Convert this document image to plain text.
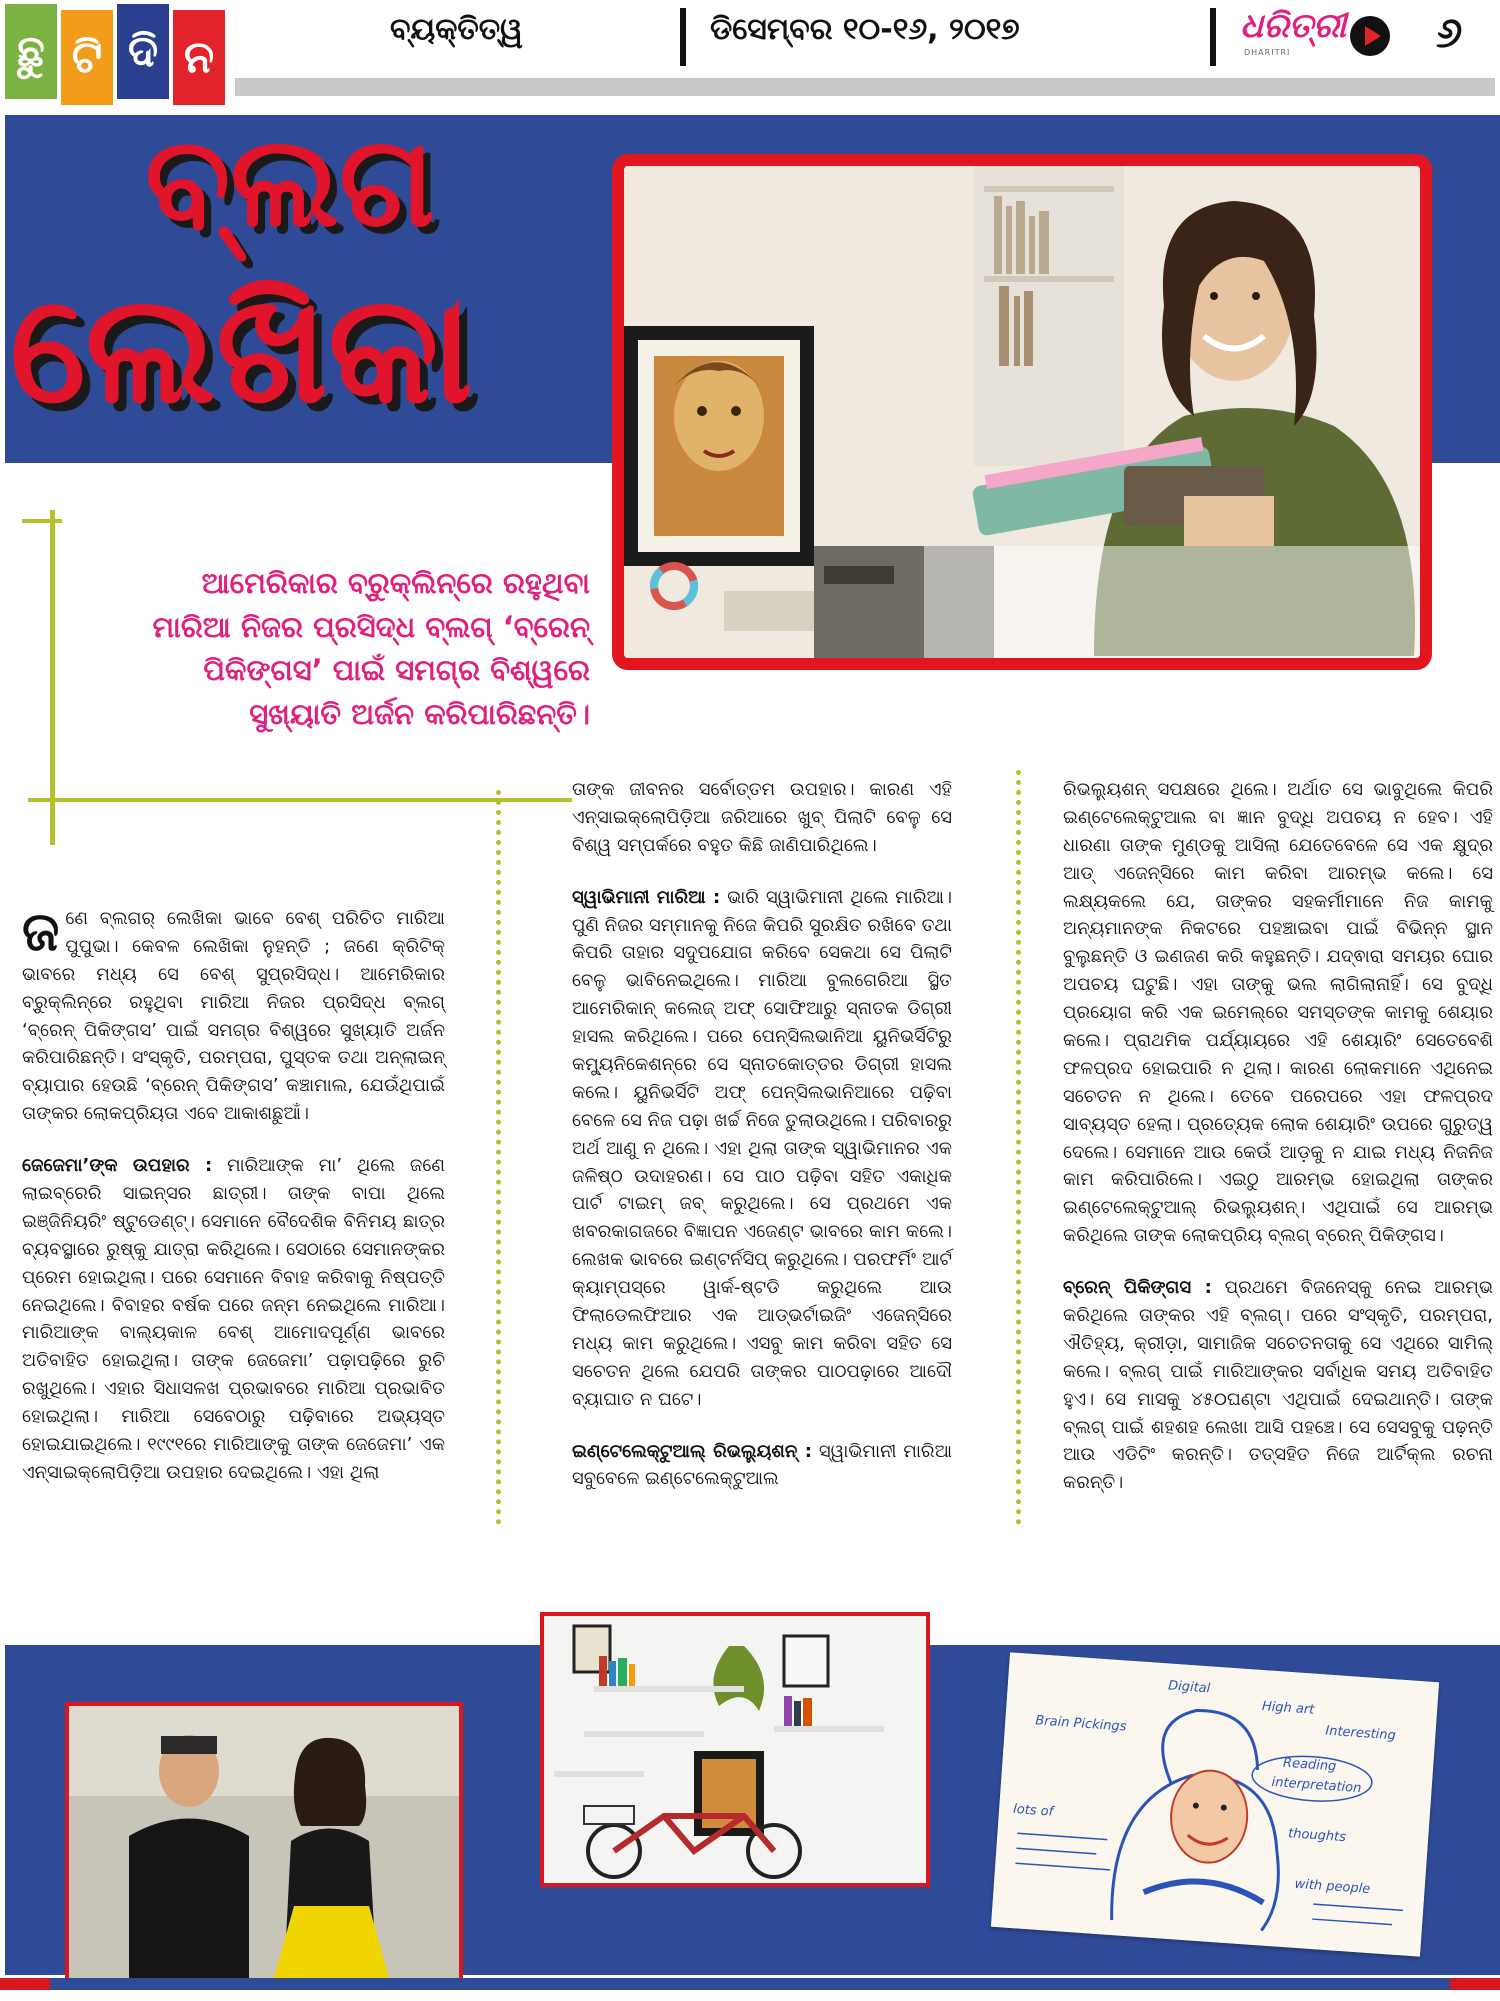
ଛୁ ଟି ଦି ନ
ବ୍ୟକ୍ତିତ୍ୱ	ଡିସେମ୍ବର ୧୦-୧୬, ୨୦୧୭	ଧରିତ୍ରୀ
DHARITRI	୬
ବ୍ଲଗ
ଲେଖିକା
ଆମେରିକାର ବ୍ରୁକ୍ଲିନ୍‌ରେ ରହୁଥିବା ମାରିଆ ନିଜର ପ୍ରସିଦ୍ଧ ବ୍ଲଗ୍ ‘ବ୍ରେନ୍ ପିକିଙ୍ଗସ’ ପାଇଁ ସମଗ୍ର ବିଶ୍ୱରେ ସୁଖ୍ୟାତି ଅର୍ଜନ କରିପାରିଛନ୍ତି।

ଜଣେ ବ୍ଲଗର୍ ଲେଖିକା ଭାବେ ବେଶ୍ ପରିଚିତ ମାରିଆ ପୁପୁଭା। କେବଳ ଲେଖିକା ନୁହନ୍ତି ; ଜଣେ କ୍ରିଟିକ୍ ଭାବରେ ମଧ୍ୟ ସେ ବେଶ୍ ସୁପ୍ରସିଦ୍ଧ। ଆମେରିକାର ବ୍ରୁକ୍ଲିନ୍‌ରେ ରହୁଥିବା ମାରିଆ ନିଜର ପ୍ରସିଦ୍ଧ ବ୍ଲଗ୍ ‘ବ୍ରେନ୍ ପିକିଙ୍ଗସ’ ପାଇଁ ସମଗ୍ର ବିଶ୍ୱରେ ସୁଖ୍ୟାତି ଅର୍ଜନ କରିପାରିଛନ୍ତି। ସଂସ୍କୃତି, ପରମ୍ପରା, ପୁସ୍ତକ ତଥା ଅନ୍‌ଲାଇନ୍ ବ୍ୟାପାର ହେଉଛି ‘ବ୍ରେନ୍ ପିକିଙ୍ଗସ’ କଞ୍ଚାମାଲ, ଯେଉଁଥିପାଇଁ ତାଙ୍କର ଲୋକପ୍ରିୟତା ଏବେ ଆକାଶଛୁଆଁ।

ଜେଜେମା’ଙ୍କ ଉପହାର : ମାରିଆଙ୍କ ମା’ ଥିଲେ ଜଣେ ଲାଇବ୍ରେରି ସାଇନ୍ସର ଛାତ୍ରୀ। ତାଙ୍କ ବାପା ଥିଲେ ଇଞ୍ଜିନିୟରିଂ ଷ୍ଟୁଡେଣ୍ଟ୍। ସେମାନେ ବୈଦେଶିକ ବିନିମୟ ଛାତ୍ର ବ୍ୟବସ୍ଥାରେ ରୁଷ୍‌କୁ ଯାତ୍ରା କରିଥିଲେ। ସେଠାରେ ସେମାନଙ୍କର ପ୍ରେମ ହୋଇଥିଲା। ପରେ ସେମାନେ ବିବାହ କରିବାକୁ ନିଷ୍ପତ୍ତି ନେଇଥିଲେ। ବିବାହର ବର୍ଷକ ପରେ ଜନ୍ମ ନେଇଥିଲେ ମାରିଆ। ମାରିଆଙ୍କ ବାଲ୍ୟକାଳ ବେଶ୍ ଆମୋଦପୂର୍ଣ୍ଣ ଭାବରେ ଅତିବାହିତ ହୋଇଥିଲା। ତାଙ୍କ ଜେଜେମା’ ପଢ଼ାପଢ଼ିରେ ରୁଚି ରଖୁଥିଲେ। ଏହାର ସିଧାସଳଖ ପ୍ରଭାବରେ ମାରିଆ ପ୍ରଭାବିତ ହୋଇଥିଲା। ମାରିଆ ସେବେଠାରୁ ପଢ଼ିବାରେ ଅଭ୍ୟସ୍ତ ହୋଇଯାଇଥିଲେ। ୧୯୯୧ରେ ମାରିଆଙ୍କୁ ତାଙ୍କ ଜେଜେମା’ ଏକ ଏନ୍‌ସାଇକ୍ଲୋପିଡ଼ିଆ ଉପହାର ଦେଇଥିଲେ। ଏହା ଥିଲା

ତାଙ୍କ ଜୀବନର ସର୍ବୋତ୍ତମ ଉପହାର। କାରଣ ଏହି ଏନ୍‌ସାଇକ୍ଲୋପିଡ଼ିଆ ଜରିଆରେ ଖୁବ୍ ପିଲାଟି ବେଳୁ ସେ ବିଶ୍ୱ ସମ୍ପର୍କରେ ବହୁତ କିଛି ଜାଣିପାରିଥିଲେ।

ସ୍ୱାଭିମାନୀ ମାରିଆ : ଭାରି ସ୍ୱାଭିମାନୀ ଥିଲେ ମାରିଆ। ପୁଣି ନିଜର ସମ୍ମାନକୁ ନିଜେ କିପରି ସୁରକ୍ଷିତ ରଖିବେ ତଥା କିପରି ତାହାର ସଦୁପଯୋଗ କରିବେ ସେକଥା ସେ ପିଲାଟି ବେଳୁ ଭାବିନେଇଥିଲେ। ମାରିଆ ବୁଲଗେରିଆ ସ୍ଥିତ ଆମେରିକାନ୍ କଲେଜ୍ ଅଫ୍ ସୋଫିଆରୁ ସ୍ନାତକ ଡିଗ୍ରୀ ହାସଲ କରିଥିଲେ। ପରେ ପେନ୍‌ସିଲଭାନିଆ ୟୁନିଭର୍ସିଟିରୁ କମ୍ୟୁନିକେଶନ୍‌ରେ ସେ ସ୍ନାତକୋତ୍ତର ଡିଗ୍ରୀ ହାସଲ କଲେ। ୟୁନିଭର୍ସିଟି ଅଫ୍ ପେନ୍‌ସିଲଭାନିଆରେ ପଢ଼ିବା ବେଳେ ସେ ନିଜ ପଢ଼ା ଖର୍ଚ୍ଚ ନିଜେ ତୁଲାଉଥିଲେ। ପରିବାରରୁ ଅର୍ଥ ଆଣୁ ନ ଥିଲେ। ଏହା ଥିଲା ତାଙ୍କ ସ୍ୱାଭିମାନର ଏକ ଜଳିଷ୍ଠ ଉଦାହରଣ। ସେ ପାଠ ପଢ଼ିବା ସହିତ ଏକାଧିକ ପାର୍ଟ ଟାଇମ୍ ଜବ୍ କରୁଥିଲେ। ସେ ପ୍ରଥମେ ଏକ ଖବରକାଗଜରେ ବିଜ୍ଞାପନ ଏଜେଣ୍ଟ ଭାବରେ କାମ କଲେ। ଲେଖକ ଭାବରେ ଇଣ୍ଟର୍ନସିପ୍ କରୁଥିଲେ। ପରଫର୍ମିଂ ଆର୍ଟ କ୍ୟାମ୍ପସ୍‌ରେ ୱାର୍କ-ଷ୍ଟଡି କରୁଥିଲେ ଆଉ ଫିଲାଡେଲଫିଆର ଏକ ଆଡ୍‌ଭର୍ଟାଇଜିଂ ଏଜେନ୍ସିରେ ମଧ୍ୟ କାମ କରୁଥିଲେ। ଏସବୁ କାମ କରିବା ସହିତ ସେ ସଚେତନ ଥିଲେ ଯେପରି ତାଙ୍କର ପାଠପଢ଼ାରେ ଆଦୌ ବ୍ୟାଘାତ ନ ଘଟେ।

ଇଣ୍ଟେଲେକ୍ଟୁଆଲ୍ ରିଭଲ୍ୟୁଶନ୍ : ସ୍ୱାଭିମାନୀ ମାରିଆ ସବୁବେଳେ ଇଣ୍ଟେଲେକ୍ଟୁଆଲ

ରିଭଲ୍ୟୁଶନ୍ ସପକ୍ଷରେ ଥିଲେ। ଅର୍ଥାତ ସେ ଭାବୁଥିଲେ କିପରି ଇଣ୍ଟେଲେକ୍ଟୁଆଲ ବା ଜ୍ଞାନ ବୁଦ୍ଧି ଅପଚୟ ନ ହେବ। ଏହି ଧାରଣା ତାଙ୍କ ମୁଣ୍ଡକୁ ଆସିଲା ଯେତେବେଳେ ସେ ଏକ କ୍ଷୁଦ୍ର ଆଡ୍ ଏଜେନ୍ସିରେ କାମ କରିବା ଆରମ୍ଭ କଲେ। ସେ ଲକ୍ଷ୍ୟକଲେ ଯେ, ତାଙ୍କର ସହକର୍ମୀମାନେ ନିଜ କାମକୁ ଅନ୍ୟମାନଙ୍କ ନିକଟରେ ପହଞ୍ଚାଇବା ପାଇଁ ବିଭିନ୍ନ ସ୍ଥାନ ବୁଲୁଛନ୍ତି ଓ ଇଣଜଣ କରି କହୁଛନ୍ତି। ଯଦ୍ଵାରା ସମୟର ଘୋର ଅପଚୟ ଘଟୁଛି। ଏହା ତାଙ୍କୁ ଭଲ ଲାଗିଲାନାହିଁ। ସେ ବୁଦ୍ଧି ପ୍ରୟୋଗ କରି ଏକ ଇମେଲ୍‌ରେ ସମସ୍ତଙ୍କ କାମକୁ ଶେୟାର କଲେ। ପ୍ରାଥମିକ ପର୍ଯ୍ୟାୟରେ ଏହି ଶେୟାରିଂ ସେତେବେଶି ଫଳପ୍ରଦ ହୋଇପାରି ନ ଥିଲା। କାରଣ ଲୋକମାନେ ଏଥିନେଇ ସଚେତନ ନ ଥିଲେ। ତେବେ ପରେପରେ ଏହା ଫଳପ୍ରଦ ସାବ୍ୟସ୍ତ ହେଲା। ପ୍ରତ୍ୟେକ ଲୋକ ଶେୟାରିଂ ଉପରେ ଗୁରୁତ୍ୱ ଦେଲେ। ସେମାନେ ଆଉ କେଉଁ ଆଡ଼କୁ ନ ଯାଇ ମଧ୍ୟ ନିଜନିଜ କାମ କରିପାରିଲେ। ଏଇଠୁ ଆରମ୍ଭ ହୋଇଥିଲା ତାଙ୍କର ଇଣ୍ଟେଲେକ୍ଟୁଆଲ୍ ରିଭଲ୍ୟୁଶନ୍। ଏଥିପାଇଁ ସେ ଆରମ୍ଭ କରିଥିଲେ ତାଙ୍କ ଲୋକପ୍ରିୟ ବ୍ଲଗ୍ ବ୍ରେନ୍ ପିକିଙ୍ଗସ।

ବ୍ରେନ୍ ପିକିଙ୍ଗସ : ପ୍ରଥମେ ବିଜନେସ୍‌କୁ ନେଇ ଆରମ୍ଭ କରିଥିଲେ ତାଙ୍କର ଏହି ବ୍ଲଗ୍। ପରେ ସଂସ୍କୃତି, ପରମ୍ପରା, ଐତିହ୍ୟ, କ୍ରୀଡ଼ା, ସାମାଜିକ ସଚେତନତାକୁ ସେ ଏଥିରେ ସାମିଲ୍ କଲେ। ବ୍ଲଗ୍ ପାଇଁ ମାରିଆଙ୍କର ସର୍ବାଧିକ ସମୟ ଅତିବାହିତ ହୁଏ। ସେ ମାସକୁ ୪୫୦ଘଣ୍ଟା ଏଥିପାଇଁ ଦେଇଥାନ୍ତି। ତାଙ୍କ ବ୍ଲଗ୍ ପାଇଁ ଶହଶହ ଲେଖା ଆସି ପହଞ୍ଚେ। ସେ ସେସବୁକୁ ପଢ଼ନ୍ତି ଆଉ ଏଡିଟିଂ କରନ୍ତି। ତତ୍‌ସହିତ ନିଜେ ଆର୍ଟିକ୍ଲ ରଚନା କରନ୍ତି।

Digital
High art
lots of
Brain Pickings
Reading
interpretation
thoughts
Interesting
with people
